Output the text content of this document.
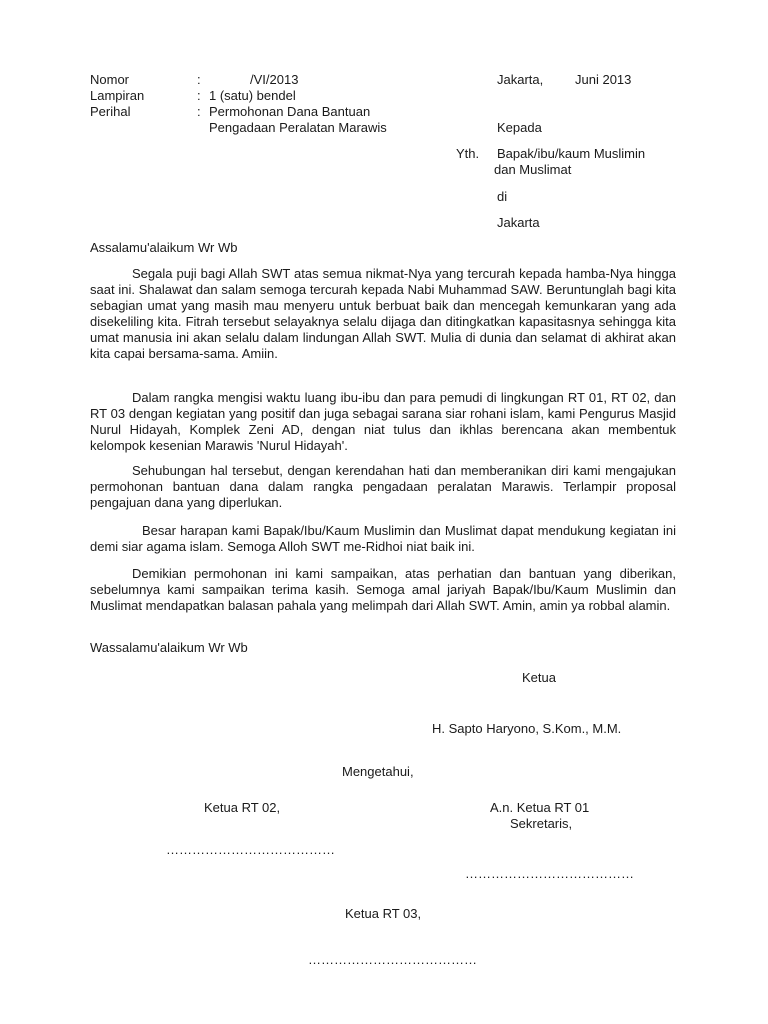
Nomor	:	/VI/2013
Lampiran	: 1 (satu) bendel
Perihal	: Permohonan Dana Bantuan
Pengadaan Peralatan Marawis
Jakarta, Juni 2013
Kepada
Yth. Bapak/ibu/kaum Muslimin
dan Muslimat
di
Jakarta
Assalamu'alaikum Wr Wb
Segala puji bagi Allah SWT atas semua nikmat-Nya yang tercurah kepada hamba-Nya hingga saat ini. Shalawat dan salam semoga tercurah kepada Nabi Muhammad SAW. Beruntunglah bagi kita sebagian umat yang masih mau menyeru untuk berbuat baik dan mencegah kemunkaran yang ada disekeliling kita. Fitrah tersebut selayaknya selalu dijaga dan ditingkatkan kapasitasnya sehingga kita umat manusia ini akan selalu dalam lindungan Allah SWT. Mulia di dunia dan selamat di akhirat akan kita capai bersama-sama. Amiin.
Dalam rangka mengisi waktu luang ibu-ibu dan para pemudi di lingkungan RT 01, RT 02, dan RT 03 dengan kegiatan yang positif dan juga sebagai sarana siar rohani islam, kami Pengurus Masjid Nurul Hidayah, Komplek Zeni AD, dengan niat tulus dan ikhlas berencana akan membentuk kelompok kesenian Marawis 'Nurul Hidayah'.
Sehubungan hal tersebut, dengan kerendahan hati dan memberanikan diri kami mengajukan permohonan bantuan dana dalam rangka pengadaan peralatan Marawis. Terlampir proposal pengajuan dana yang diperlukan.
Besar harapan kami Bapak/Ibu/Kaum Muslimin dan Muslimat dapat mendukung kegiatan ini demi siar agama islam. Semoga Alloh SWT me-Ridhoi niat baik ini.
Demikian permohonan ini kami sampaikan, atas perhatian dan bantuan yang diberikan, sebelumnya kami sampaikan terima kasih. Semoga amal jariyah Bapak/Ibu/Kaum Muslimin dan Muslimat mendapatkan balasan pahala yang melimpah dari Allah SWT. Amin, amin ya robbal alamin.
Wassalamu'alaikum Wr Wb
Ketua
H. Sapto Haryono, S.Kom., M.M.
Mengetahui,
Ketua RT 02,	A.n. Ketua RT 01
Sekretaris,
…………………………………
…………………………………
Ketua RT 03,
…………………………………
